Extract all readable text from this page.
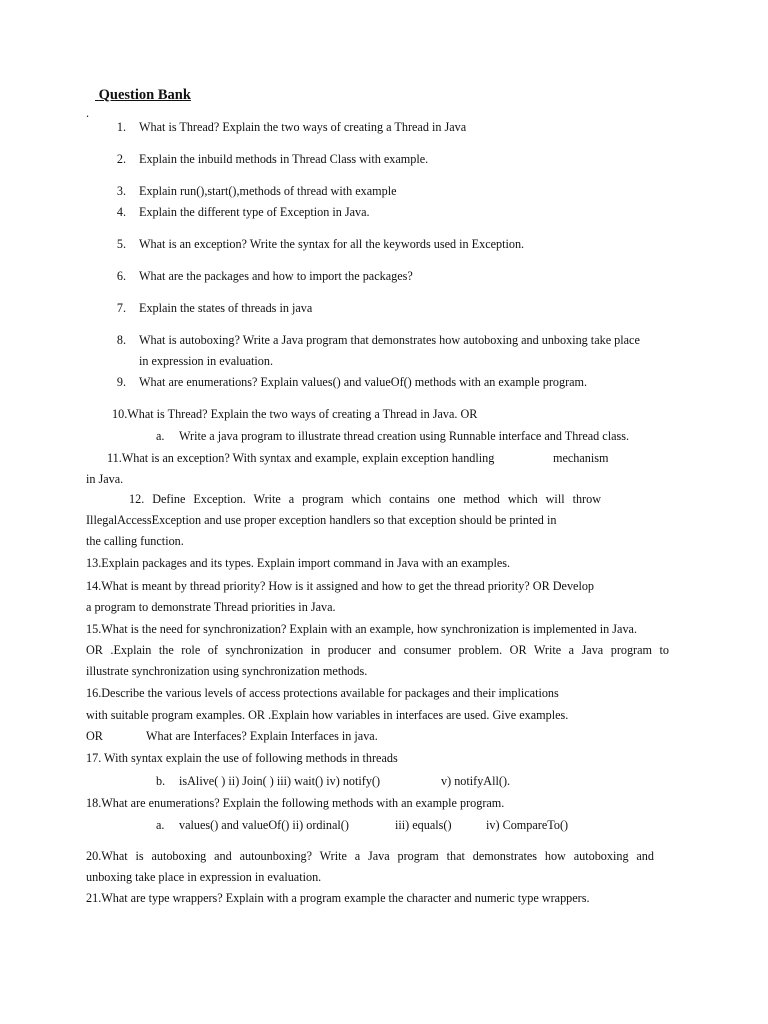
Question Bank
.
1. What is Thread? Explain the two ways of creating a Thread in Java
2. Explain the inbuild methods in Thread Class with example.
3. Explain run(),start(),methods of thread with example
4. Explain the different type of Exception in Java.
5. What is an exception? Write the syntax for all the keywords used in Exception.
6. What are the packages and how to import the packages?
7. Explain the states of threads in java
8. What is autoboxing? Write a Java program that demonstrates how autoboxing and unboxing take place
in expression in evaluation.
9. What are enumerations? Explain values() and valueOf() methods with an example program.
10.What is Thread? Explain the two ways of creating a Thread in Java. OR
a. Write a java program to illustrate thread creation using Runnable interface and Thread class.
11.What is an exception? With syntax and example, explain exception handling	mechanism
in Java.
12. Define Exception. Write a program which contains one method which will throw
IllegalAccessException and use proper exception handlers so that exception should be printed in
the calling function.
13.Explain packages and its types. Explain import command in Java with an examples.
14.What is meant by thread priority? How is it assigned and how to get the thread priority? OR Develop
a program to demonstrate Thread priorities in Java.
15.What is the need for synchronization? Explain with an example, how synchronization is implemented in Java.
OR .Explain the role of synchronization in producer and consumer problem. OR Write a Java program to
illustrate synchronization using synchronization methods.
16.Describe the various levels of access protections available for packages and their implications
with suitable program examples. OR .Explain how variables in interfaces are used. Give examples.
OR	What are Interfaces? Explain Interfaces in java.
17. With syntax explain the use of following methods in threads
b. isAlive( ) ii) Join( ) iii) wait() iv) notify()	v) notifyAll().
18.What are enumerations? Explain the following methods with an example program.
a. values() and valueOf() ii) ordinal()	iii) equals()	iv) CompareTo()
20.What is autoboxing and autounboxing? Write a Java program that demonstrates how autoboxing and
unboxing take place in expression in evaluation.
21.What are type wrappers? Explain with a program example the character and numeric type wrappers.
